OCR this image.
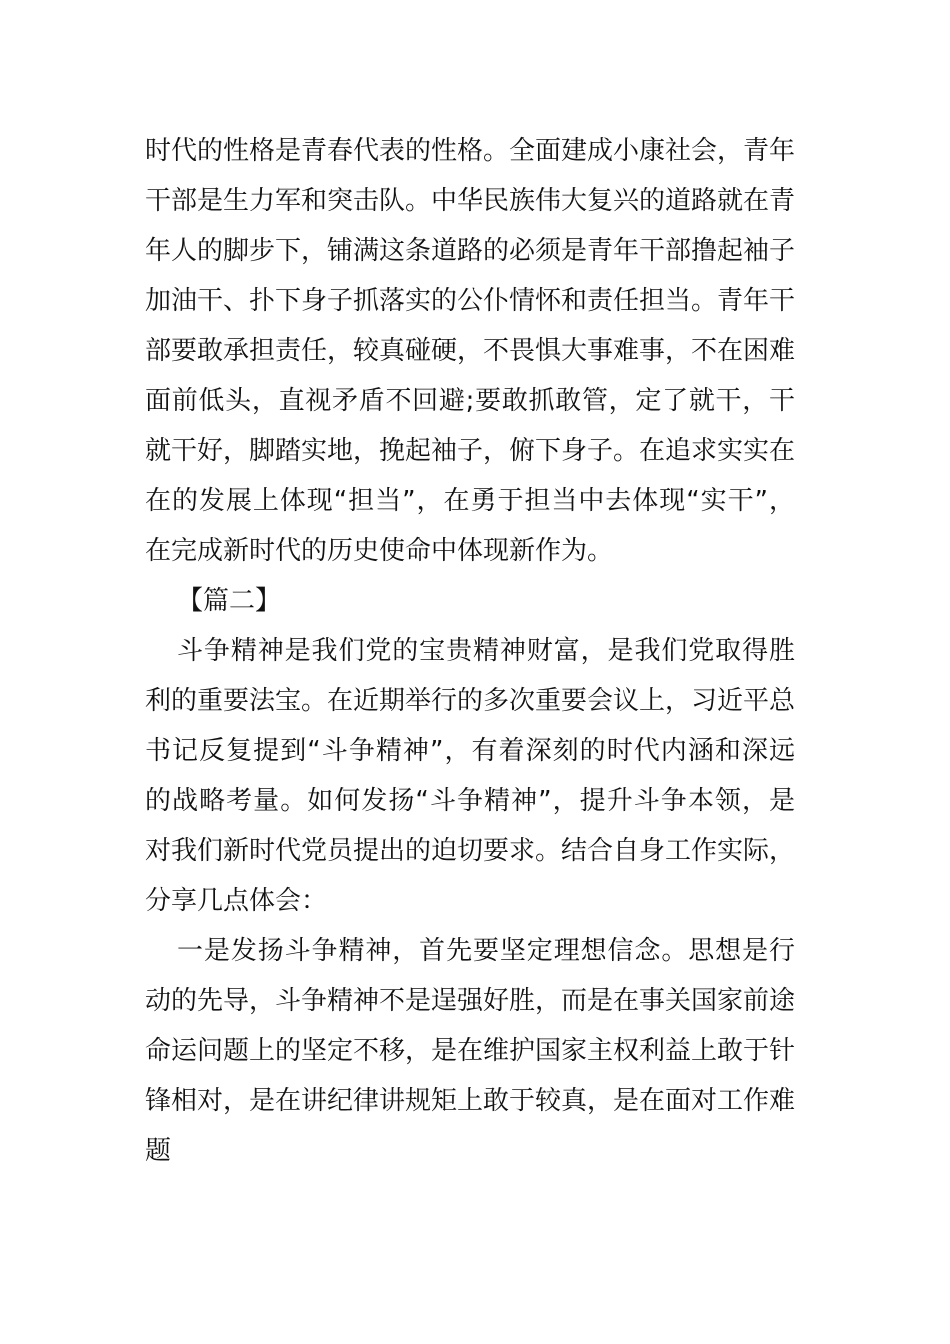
时代的性格是青春代表的性格。全面建成小康社会，青年干部是生力军和突击队。中华民族伟大复兴的道路就在青年人的脚步下，铺满这条道路的必须是青年干部撸起袖子加油干、扑下身子抓落实的公仆情怀和责任担当。青年干部要敢承担责任，较真碰硬，不畏惧大事难事，不在困难面前低头，直视矛盾不回避;要敢抓敢管，定了就干，干就干好，脚踏实地，挽起袖子，俯下身子。在追求实实在在的发展上体现“担当”，在勇于担当中去体现“实干”，在完成新时代的历史使命中体现新作为。

【篇二】

斗争精神是我们党的宝贵精神财富，是我们党取得胜利的重要法宝。在近期举行的多次重要会议上，习近平总书记反复提到“斗争精神”，有着深刻的时代内涵和深远的战略考量。如何发扬“斗争精神”，提升斗争本领，是对我们新时代党员提出的迫切要求。结合自身工作实际，分享几点体会：

一是发扬斗争精神，首先要坚定理想信念。思想是行动的先导，斗争精神不是逞强好胜，而是在事关国家前途命运问题上的坚定不移，是在维护国家主权利益上敢于针锋相对，是在讲纪律讲规矩上敢于较真，是在面对工作难题
